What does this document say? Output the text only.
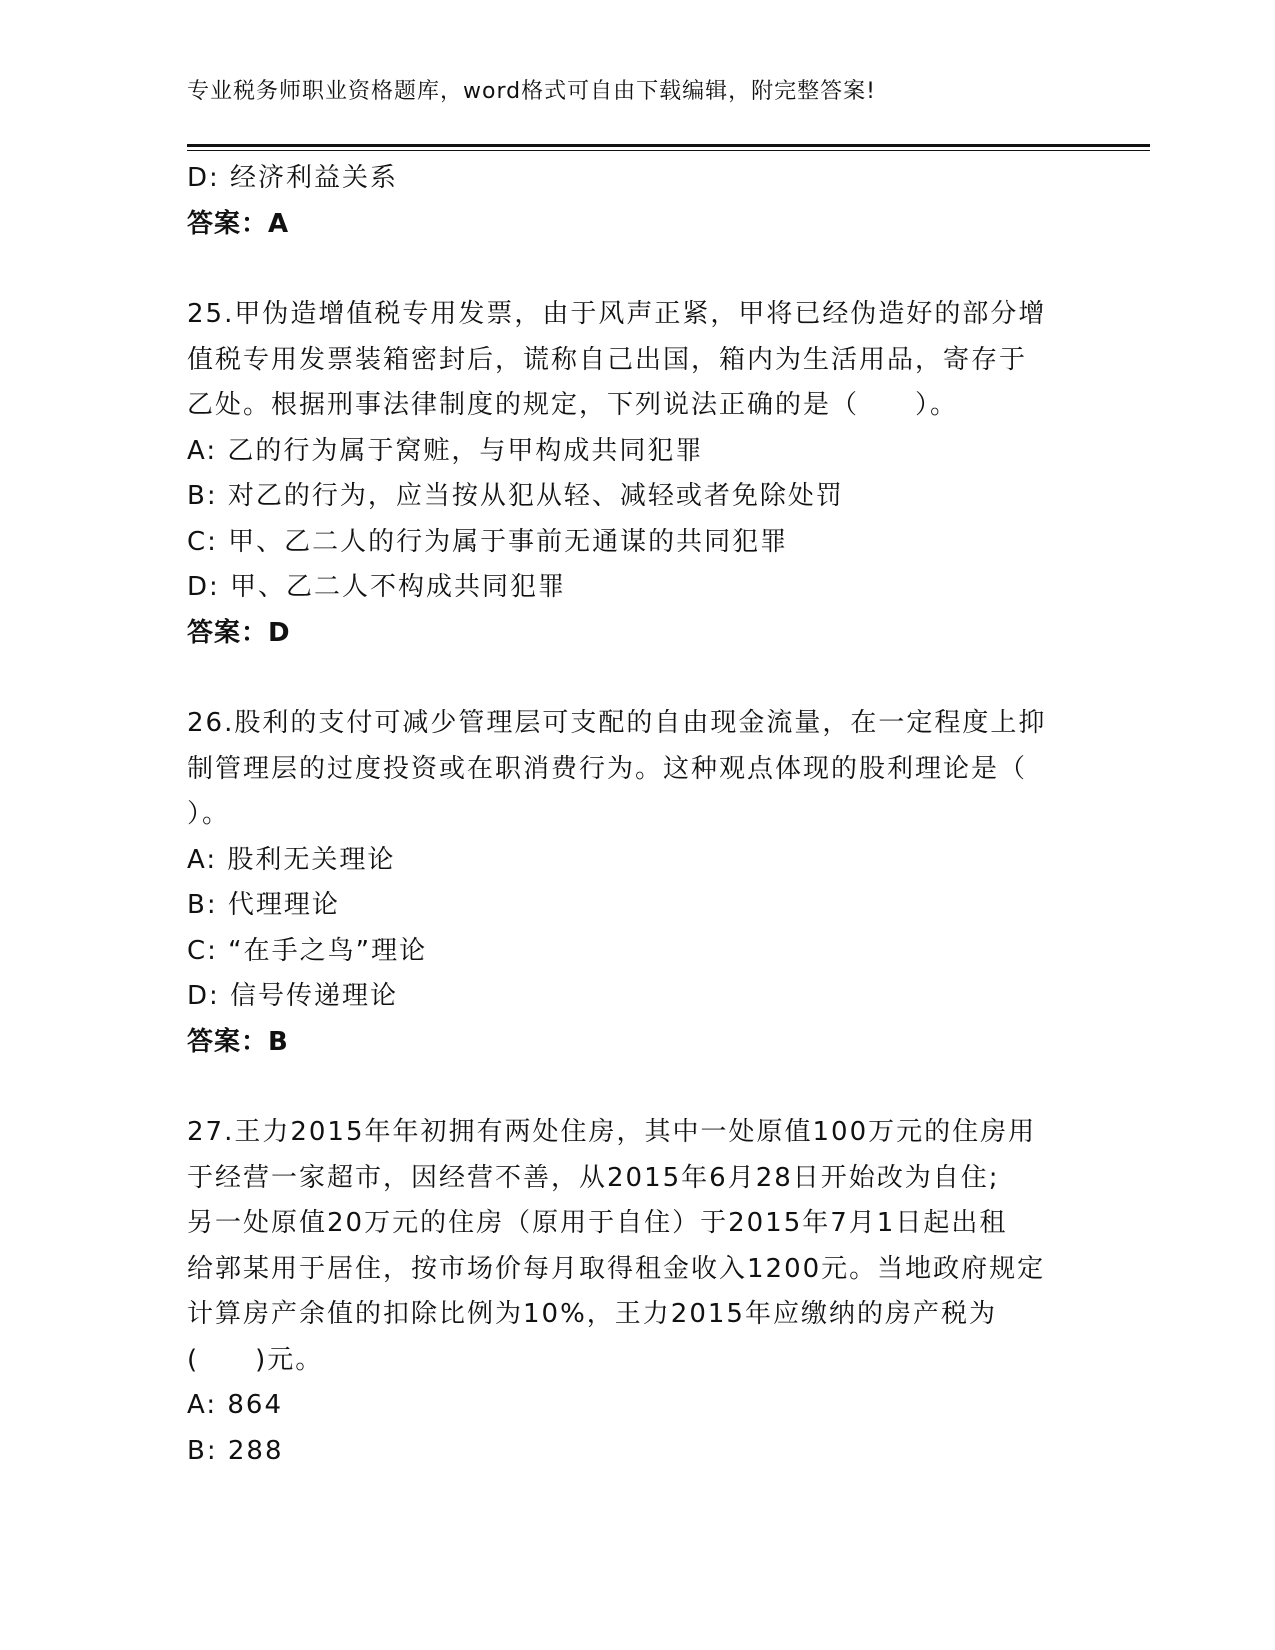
专业税务师职业资格题库，word格式可自由下载编辑，附完整答案!
D: 经济利益关系
答案：A
25.甲伪造增值税专用发票，由于风声正紧，甲将已经伪造好的部分增
值税专用发票装箱密封后，谎称自己出国，箱内为生活用品，寄存于
乙处。根据刑事法律制度的规定，下列说法正确的是（　　）。
A: 乙的行为属于窝赃，与甲构成共同犯罪
B: 对乙的行为，应当按从犯从轻、减轻或者免除处罚
C: 甲、乙二人的行为属于事前无通谋的共同犯罪
D: 甲、乙二人不构成共同犯罪
答案：D
26.股利的支付可减少管理层可支配的自由现金流量，在一定程度上抑
制管理层的过度投资或在职消费行为。这种观点体现的股利理论是（
）。
A: 股利无关理论
B: 代理理论
C: “在手之鸟”理论
D: 信号传递理论
答案：B
27.王力2015年年初拥有两处住房，其中一处原值100万元的住房用
于经营一家超市，因经营不善，从2015年6月28日开始改为自住;
另一处原值20万元的住房（原用于自住）于2015年7月1日起出租
给郭某用于居住，按市场价每月取得租金收入1200元。当地政府规定
计算房产余值的扣除比例为10%，王力2015年应缴纳的房产税为
(　　)元。
A: 864
B: 288
